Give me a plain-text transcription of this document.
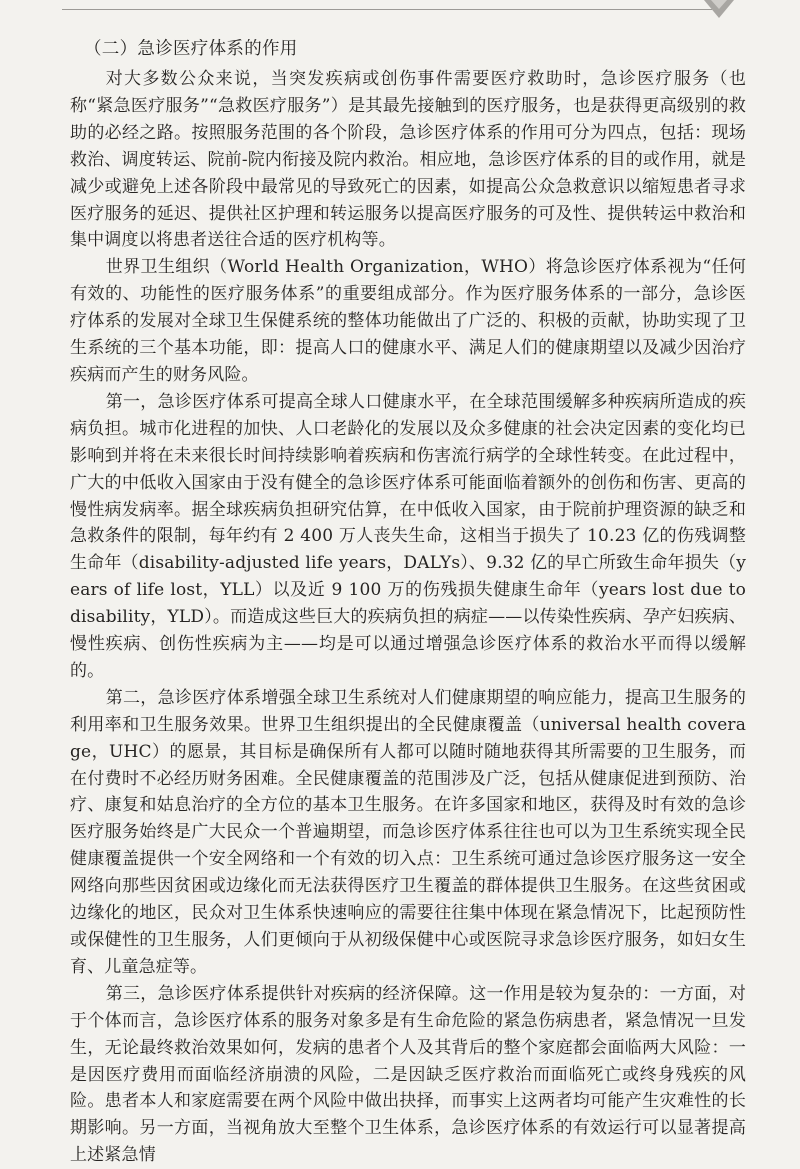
（二）急诊医疗体系的作用

对大多数公众来说，当突发疾病或创伤事件需要医疗救助时，急诊医疗服务（也称“紧急医疗服务”“急救医疗服务”）是其最先接触到的医疗服务，也是获得更高级别的救助的必经之路。按照服务范围的各个阶段，急诊医疗体系的作用可分为四点，包括：现场救治、调度转运、院前-院内衔接及院内救治。相应地，急诊医疗体系的目的或作用，就是减少或避免上述各阶段中最常见的导致死亡的因素，如提高公众急救意识以缩短患者寻求医疗服务的延迟、提供社区护理和转运服务以提高医疗服务的可及性、提供转运中救治和集中调度以将患者送往合适的医疗机构等。

世界卫生组织（World Health Organization，WHO）将急诊医疗体系视为“任何有效的、功能性的医疗服务体系”的重要组成部分。作为医疗服务体系的一部分，急诊医疗体系的发展对全球卫生保健系统的整体功能做出了广泛的、积极的贡献，协助实现了卫生系统的三个基本功能，即：提高人口的健康水平、满足人们的健康期望以及减少因治疗疾病而产生的财务风险。

第一，急诊医疗体系可提高全球人口健康水平，在全球范围缓解多种疾病所造成的疾病负担。城市化进程的加快、人口老龄化的发展以及众多健康的社会决定因素的变化均已影响到并将在未来很长时间持续影响着疾病和伤害流行病学的全球性转变。在此过程中，广大的中低收入国家由于没有健全的急诊医疗体系可能面临着额外的创伤和伤害、更高的慢性病发病率。据全球疾病负担研究估算，在中低收入国家，由于院前护理资源的缺乏和急救条件的限制，每年约有 2 400 万人丧失生命，这相当于损失了 10.23 亿的伤残调整生命年（disability-adjusted life years，DALYs）、9.32 亿的早亡所致生命年损失（years of life lost，YLL）以及近 9 100 万的伤残损失健康生命年（years lost due to disability，YLD）。而造成这些巨大的疾病负担的病症——以传染性疾病、孕产妇疾病、慢性疾病、创伤性疾病为主——均是可以通过增强急诊医疗体系的救治水平而得以缓解的。

第二，急诊医疗体系增强全球卫生系统对人们健康期望的响应能力，提高卫生服务的利用率和卫生服务效果。世界卫生组织提出的全民健康覆盖（universal health coverage，UHC）的愿景，其目标是确保所有人都可以随时随地获得其所需要的卫生服务，而在付费时不必经历财务困难。全民健康覆盖的范围涉及广泛，包括从健康促进到预防、治疗、康复和姑息治疗的全方位的基本卫生服务。在许多国家和地区，获得及时有效的急诊医疗服务始终是广大民众一个普遍期望，而急诊医疗体系往往也可以为卫生系统实现全民健康覆盖提供一个安全网络和一个有效的切入点：卫生系统可通过急诊医疗服务这一安全网络向那些因贫困或边缘化而无法获得医疗卫生覆盖的群体提供卫生服务。在这些贫困或边缘化的地区，民众对卫生体系快速响应的需要往往集中体现在紧急情况下，比起预防性或保健性的卫生服务，人们更倾向于从初级保健中心或医院寻求急诊医疗服务，如妇女生育、儿童急症等。

第三，急诊医疗体系提供针对疾病的经济保障。这一作用是较为复杂的：一方面，对于个体而言，急诊医疗体系的服务对象多是有生命危险的紧急伤病患者，紧急情况一旦发生，无论最终救治效果如何，发病的患者个人及其背后的整个家庭都会面临两大风险：一是因医疗费用而面临经济崩溃的风险，二是因缺乏医疗救治而面临死亡或终身残疾的风险。患者本人和家庭需要在两个风险中做出抉择，而事实上这两者均可能产生灾难性的长期影响。另一方面，当视角放大至整个卫生体系，急诊医疗体系的有效运行可以显著提高上述紧急情
